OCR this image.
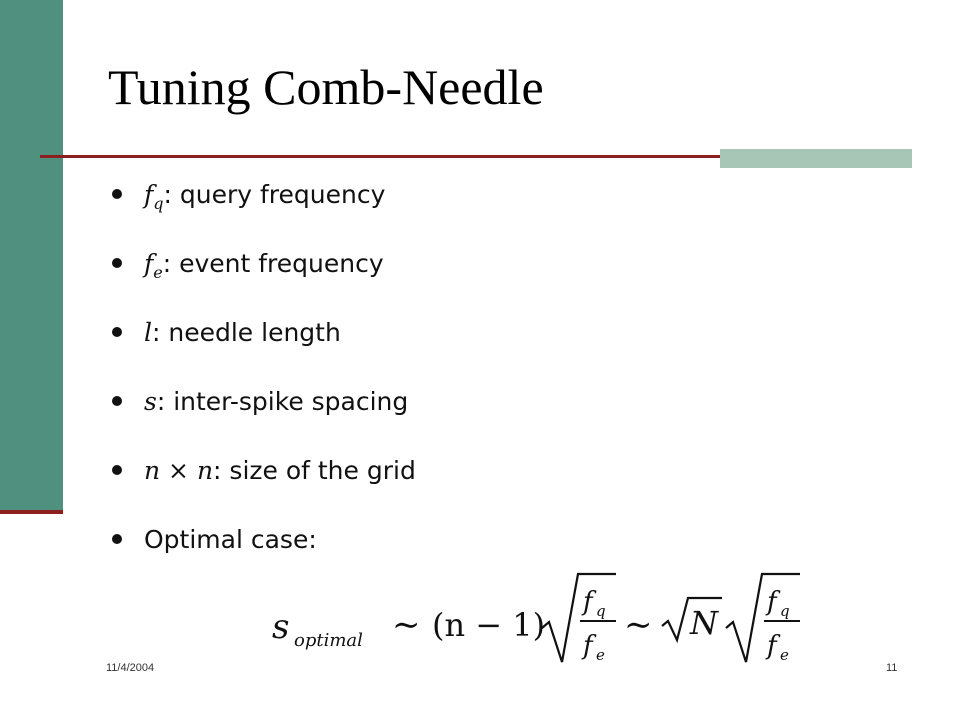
Tuning Comb-Needle
$f_q$: query frequency
$f_e$: event frequency
l: needle length
s: inter-spike spacing
n × n: size of the grid
Optimal case:
s optimal ∼ (n − 1)
f q
f e
∼ N
f q
f e
11/4/2004	11
